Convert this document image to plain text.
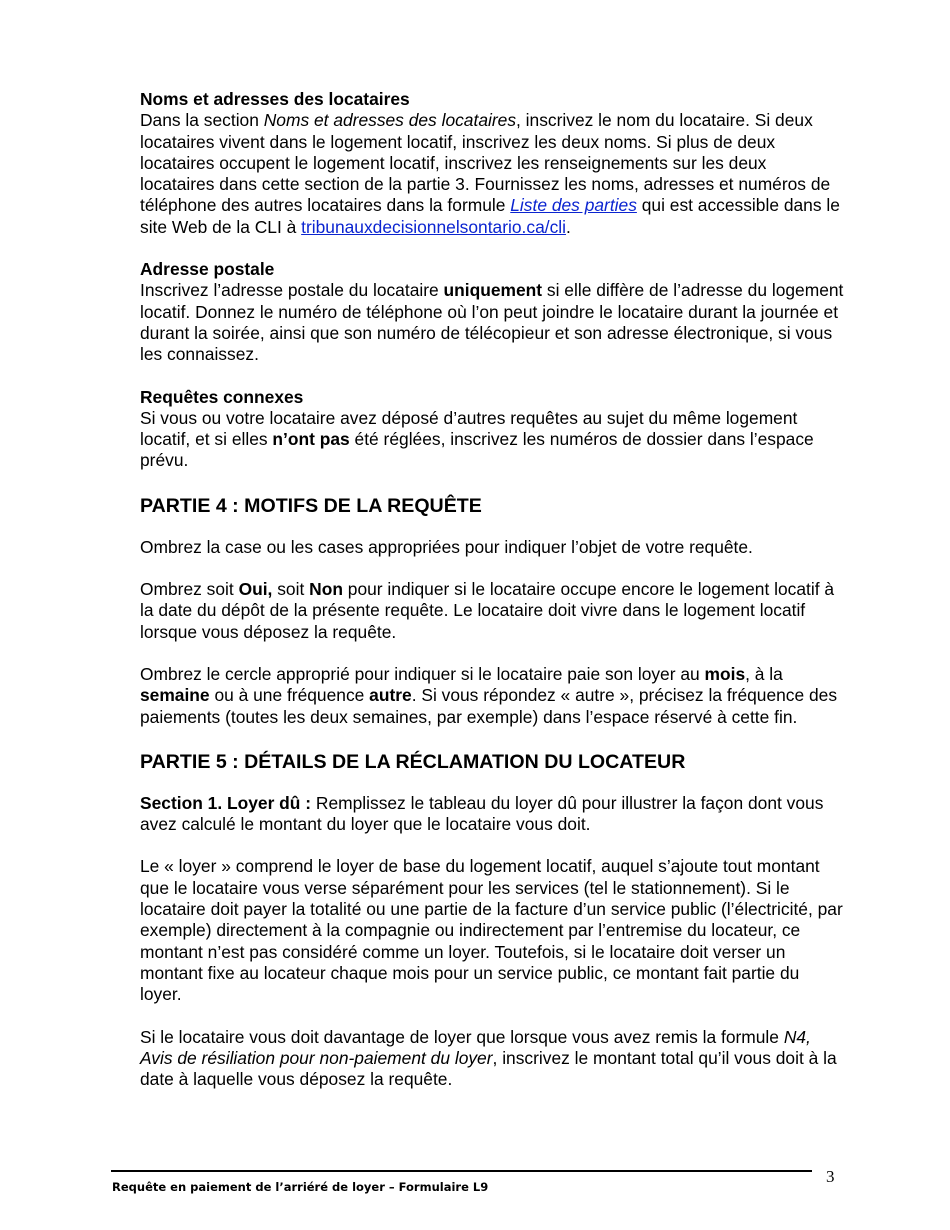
Noms et adresses des locataires

Dans la section Noms et adresses des locataires, inscrivez le nom du locataire. Si deux locataires vivent dans le logement locatif, inscrivez les deux noms. Si plus de deux locataires occupent le logement locatif, inscrivez les renseignements sur les deux locataires dans cette section de la partie 3. Fournissez les noms, adresses et numéros de téléphone des autres locataires dans la formule Liste des parties qui est accessible dans le site Web de la CLI à tribunauxdecisionnelsontario.ca/cli.

Adresse postale

Inscrivez l’adresse postale du locataire uniquement si elle diffère de l’adresse du logement locatif. Donnez le numéro de téléphone où l’on peut joindre le locataire durant la journée et durant la soirée, ainsi que son numéro de télécopieur et son adresse électronique, si vous les connaissez.

Requêtes connexes

Si vous ou votre locataire avez déposé d’autres requêtes au sujet du même logement locatif, et si elles n’ont pas été réglées, inscrivez les numéros de dossier dans l’espace prévu.

PARTIE 4 : MOTIFS DE LA REQUÊTE

Ombrez la case ou les cases appropriées pour indiquer l’objet de votre requête.

Ombrez soit Oui, soit Non pour indiquer si le locataire occupe encore le logement locatif à la date du dépôt de la présente requête. Le locataire doit vivre dans le logement locatif lorsque vous déposez la requête.

Ombrez le cercle approprié pour indiquer si le locataire paie son loyer au mois, à la semaine ou à une fréquence autre. Si vous répondez « autre », précisez la fréquence des paiements (toutes les deux semaines, par exemple) dans l’espace réservé à cette fin.

PARTIE 5 : DÉTAILS DE LA RÉCLAMATION DU LOCATEUR

Section 1. Loyer dû : Remplissez le tableau du loyer dû pour illustrer la façon dont vous avez calculé le montant du loyer que le locataire vous doit.

Le « loyer » comprend le loyer de base du logement locatif, auquel s’ajoute tout montant que le locataire vous verse séparément pour les services (tel le stationnement). Si le locataire doit payer la totalité ou une partie de la facture d’un service public (l’électricité, par exemple) directement à la compagnie ou indirectement par l’entremise du locateur, ce montant n’est pas considéré comme un loyer. Toutefois, si le locataire doit verser un montant fixe au locateur chaque mois pour un service public, ce montant fait partie du loyer.

Si le locataire vous doit davantage de loyer que lorsque vous avez remis la formule N4, Avis de résiliation pour non-paiement du loyer, inscrivez le montant total qu’il vous doit à la date à laquelle vous déposez la requête.

Requête en paiement de l’arriéré de loyer – Formulaire L9
3
